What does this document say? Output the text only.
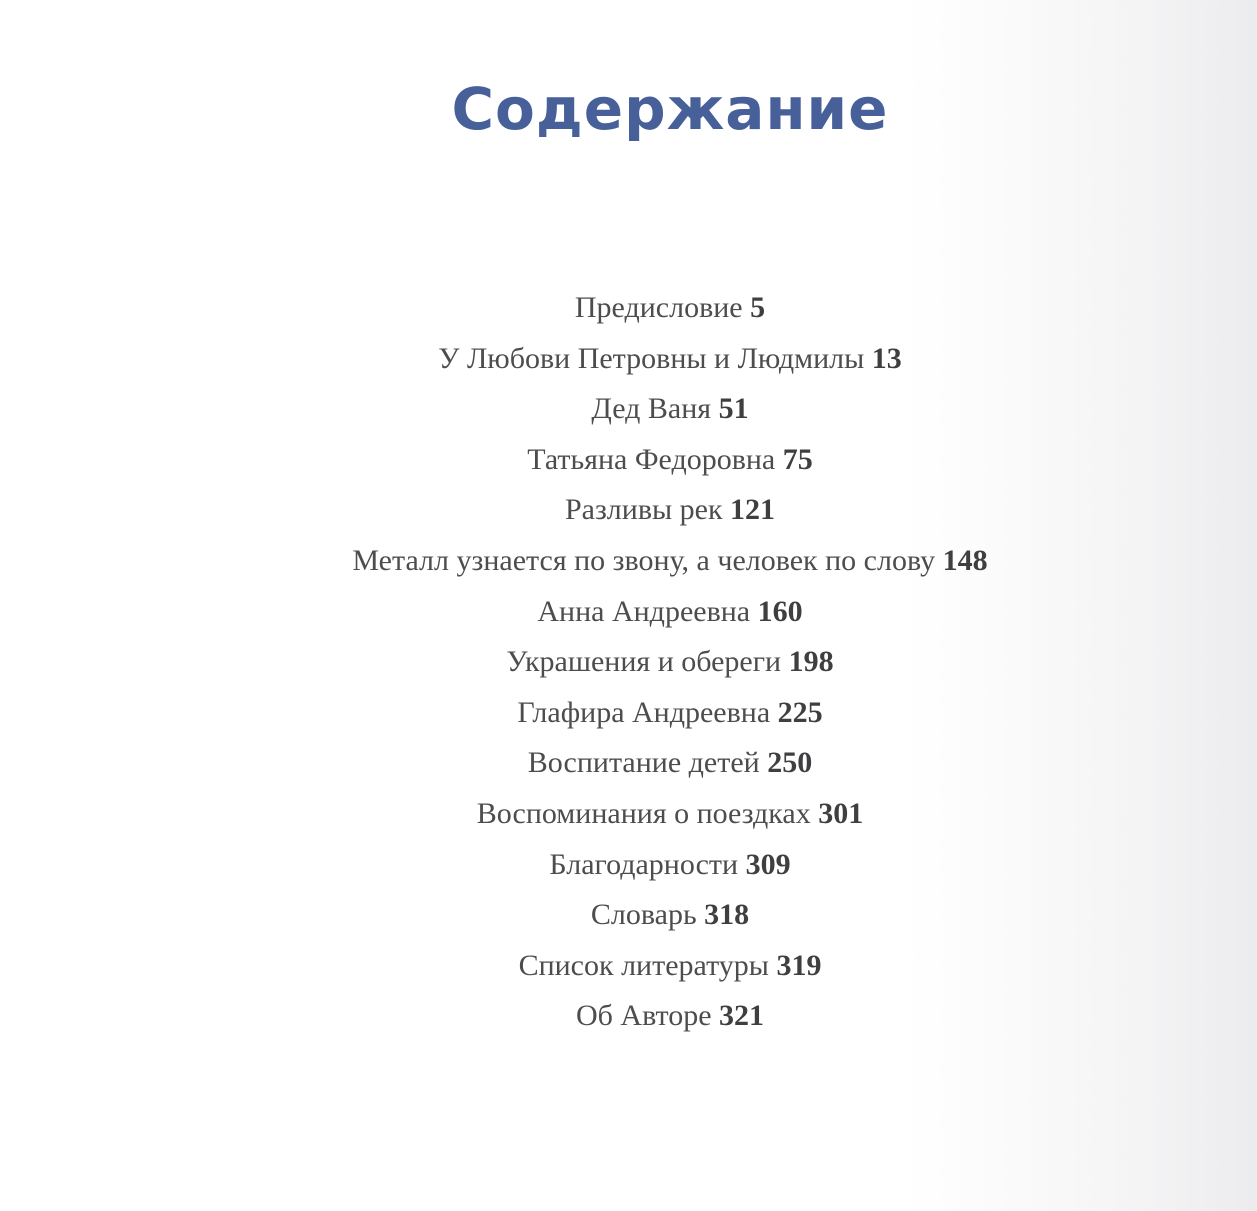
Содержание
Предисловие 5
У Любови Петровны и Людмилы 13
Дед Ваня 51
Татьяна Федоровна 75
Разливы рек 121
Металл узнается по звону, а человек по слову 148
Анна Андреевна 160
Украшения и обереги 198
Глафира Андреевна 225
Воспитание детей 250
Воспоминания о поездках 301
Благодарности 309
Словарь 318
Список литературы 319
Об Авторе 321
